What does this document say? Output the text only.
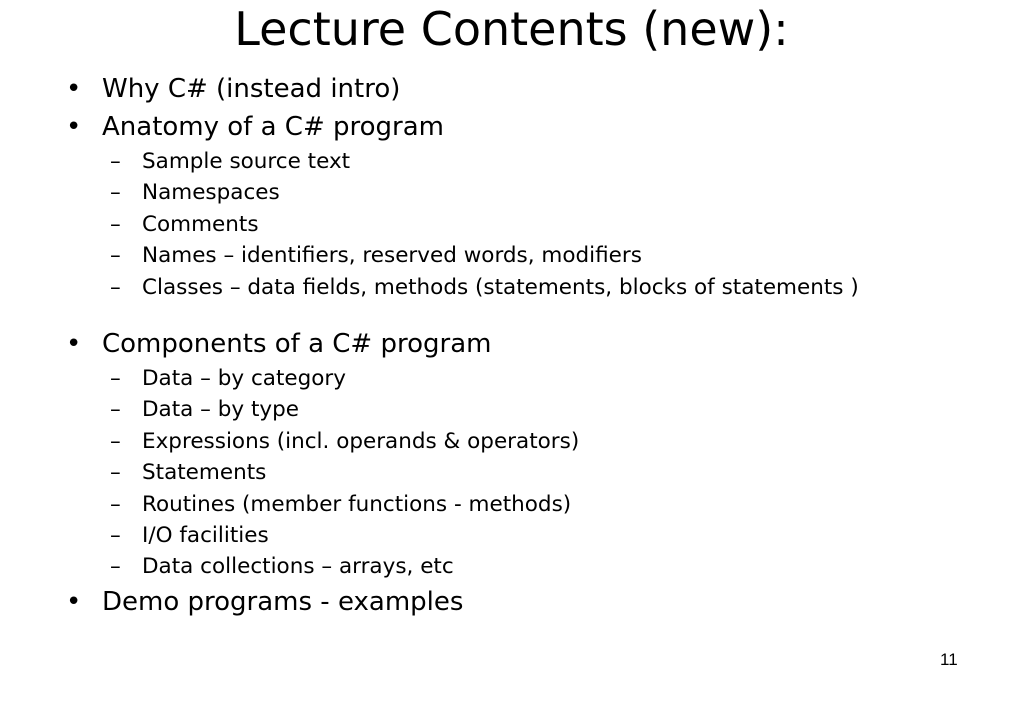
Lecture Contents (new):
• Why C# (instead intro)
• Anatomy of a C# program
– Sample source text
– Namespaces
– Comments
– Names – identifiers, reserved words, modifiers
– Classes – data fields, methods (statements, blocks of statements )
• Components of a C# program
– Data – by category
– Data – by type
– Expressions (incl. operands & operators)
– Statements
– Routines (member functions - methods)
– I/O facilities
– Data collections – arrays, etc
• Demo programs - examples
11
